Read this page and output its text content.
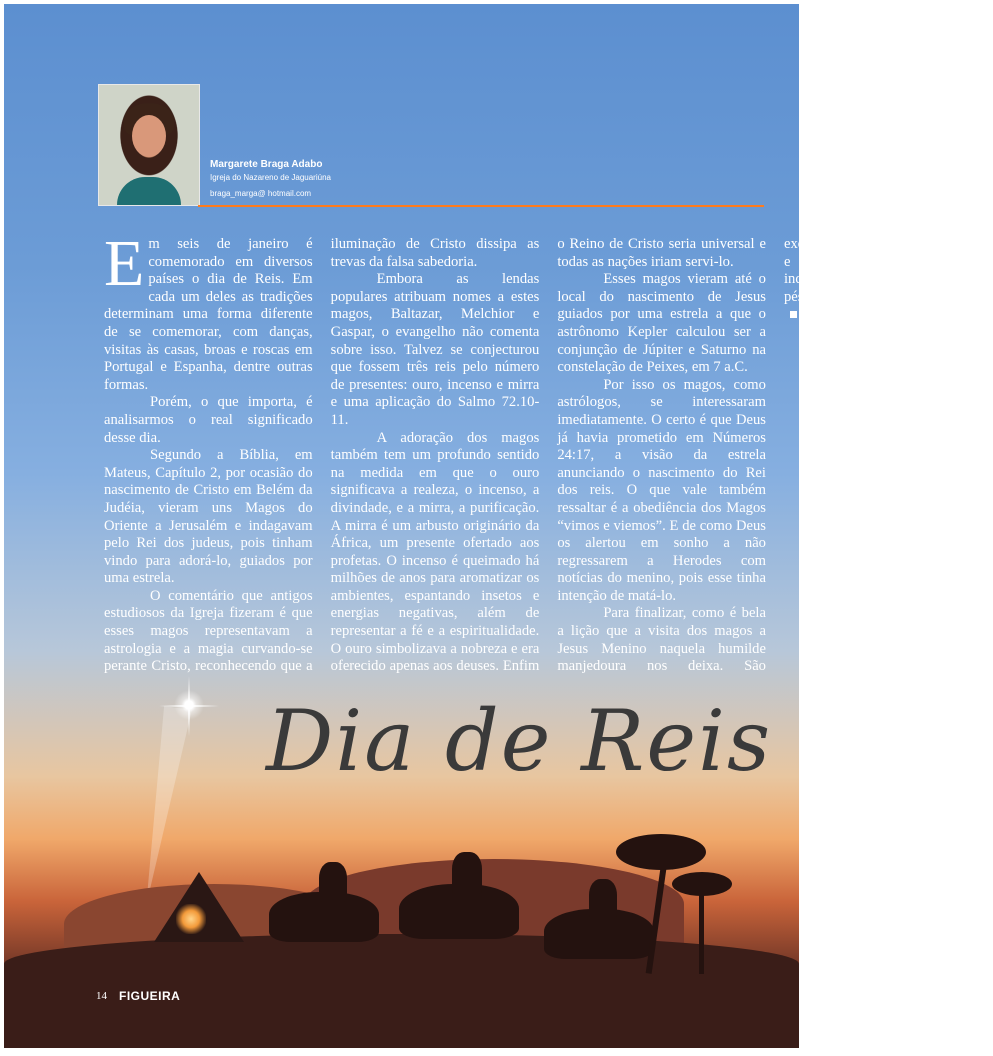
Margarete Braga Adabo
Igreja do Nazareno de Jaguariúna
braga_marga@ hotmail.com

Em seis de janeiro é comemorado em diversos países o dia de Reis. Em cada um deles as tradições determinam uma forma diferente de se comemorar, com danças, visitas às casas, broas e roscas em Portugal e Espanha, dentre outras formas.

Porém, o que importa, é analisarmos o real significado desse dia.

Segundo a Bíblia, em Mateus, Capítulo 2, por ocasião do nascimento de Cristo em Belém da Judéia, vieram uns Magos do Oriente a Jerusalém e indagavam pelo Rei dos judeus, pois tinham vindo para adorá-lo, guiados por uma estrela.

O comentário que antigos estudiosos da Igreja fizeram é que esses magos representavam a astrologia e a magia curvando-se perante Cristo, reconhecendo que a iluminação de Cristo dissipa as trevas da falsa sabedoria.

Embora as lendas populares atribuam nomes a estes magos, Baltazar, Melchior e Gaspar, o evangelho não comenta sobre isso. Talvez se conjecturou que fossem três reis pelo número de presentes: ouro, incenso e mirra e uma aplicação do Salmo 72.10-11.

A adoração dos magos também tem um profundo sentido na medida em que o ouro significava a realeza, o incenso, a divindade, e a mirra, a purificação. A mirra é um arbusto originário da África, um presente ofertado aos profetas. O incenso é queimado há milhões de anos para aromatizar os ambientes, espantando insetos e energias negativas, além de representar a fé e a espiritualidade. O ouro simbolizava a nobreza e era oferecido apenas aos deuses. Enfim o Reino de Cristo seria universal e todas as nações iriam servi-lo.

Esses magos vieram até o local do nascimento de Jesus guiados por uma estrela a que o astrônomo Kepler calculou ser a conjunção de Júpiter e Saturno na constelação de Peixes, em 7 a.C.

Por isso os magos, como astrólogos, se interessaram imediatamente. O certo é que Deus já havia prometido em Números 24:17, a visão da estrela anunciando o nascimento do Rei dos reis. O que vale também ressaltar é a obediência dos Magos “vimos e viemos”. E de como Deus os alertou em sonho a não regressarem a Herodes com notícias do menino, pois esse tinha intenção de matá-lo.

Para finalizar, como é bela a lição que a visita dos magos a Jesus Menino naquela humilde manjedoura nos deixa. São exemplos de humildade, sabedoria e de encontro entre todos, independentemente da nação, aos pés Daquele que seria o Salvador.

Dia de Reis
14 FIGUEIRA
